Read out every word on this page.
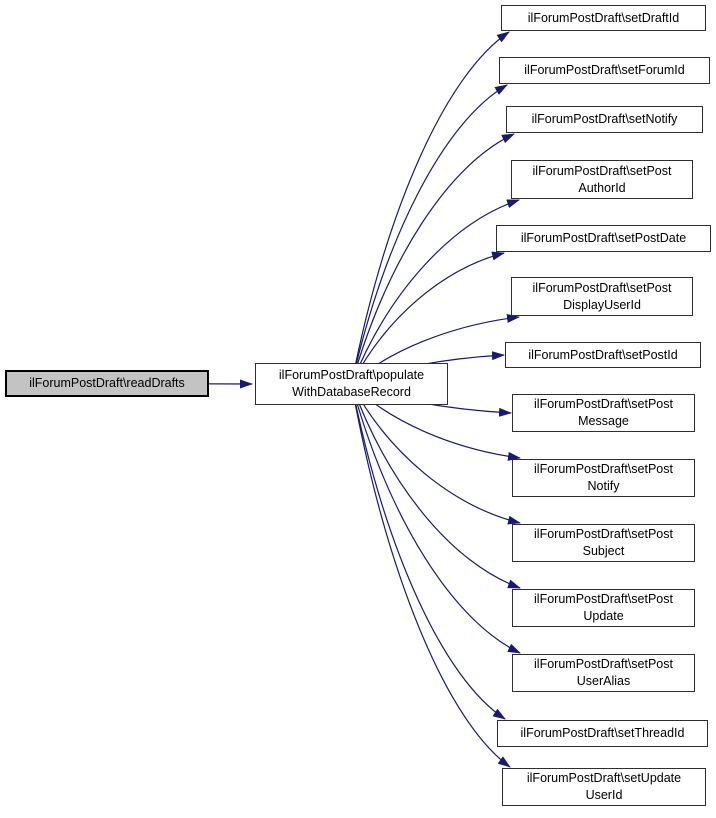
ilForumPostDraft\readDrafts
ilForumPostDraft\populate
WithDatabaseRecord
ilForumPostDraft\setDraftId
ilForumPostDraft\setForumId
ilForumPostDraft\setNotify
ilForumPostDraft\setPost
AuthorId
ilForumPostDraft\setPostDate
ilForumPostDraft\setPost
DisplayUserId
ilForumPostDraft\setPostId
ilForumPostDraft\setPost
Message
ilForumPostDraft\setPost
Notify
ilForumPostDraft\setPost
Subject
ilForumPostDraft\setPost
Update
ilForumPostDraft\setPost
UserAlias
ilForumPostDraft\setThreadId
ilForumPostDraft\setUpdate
UserId
